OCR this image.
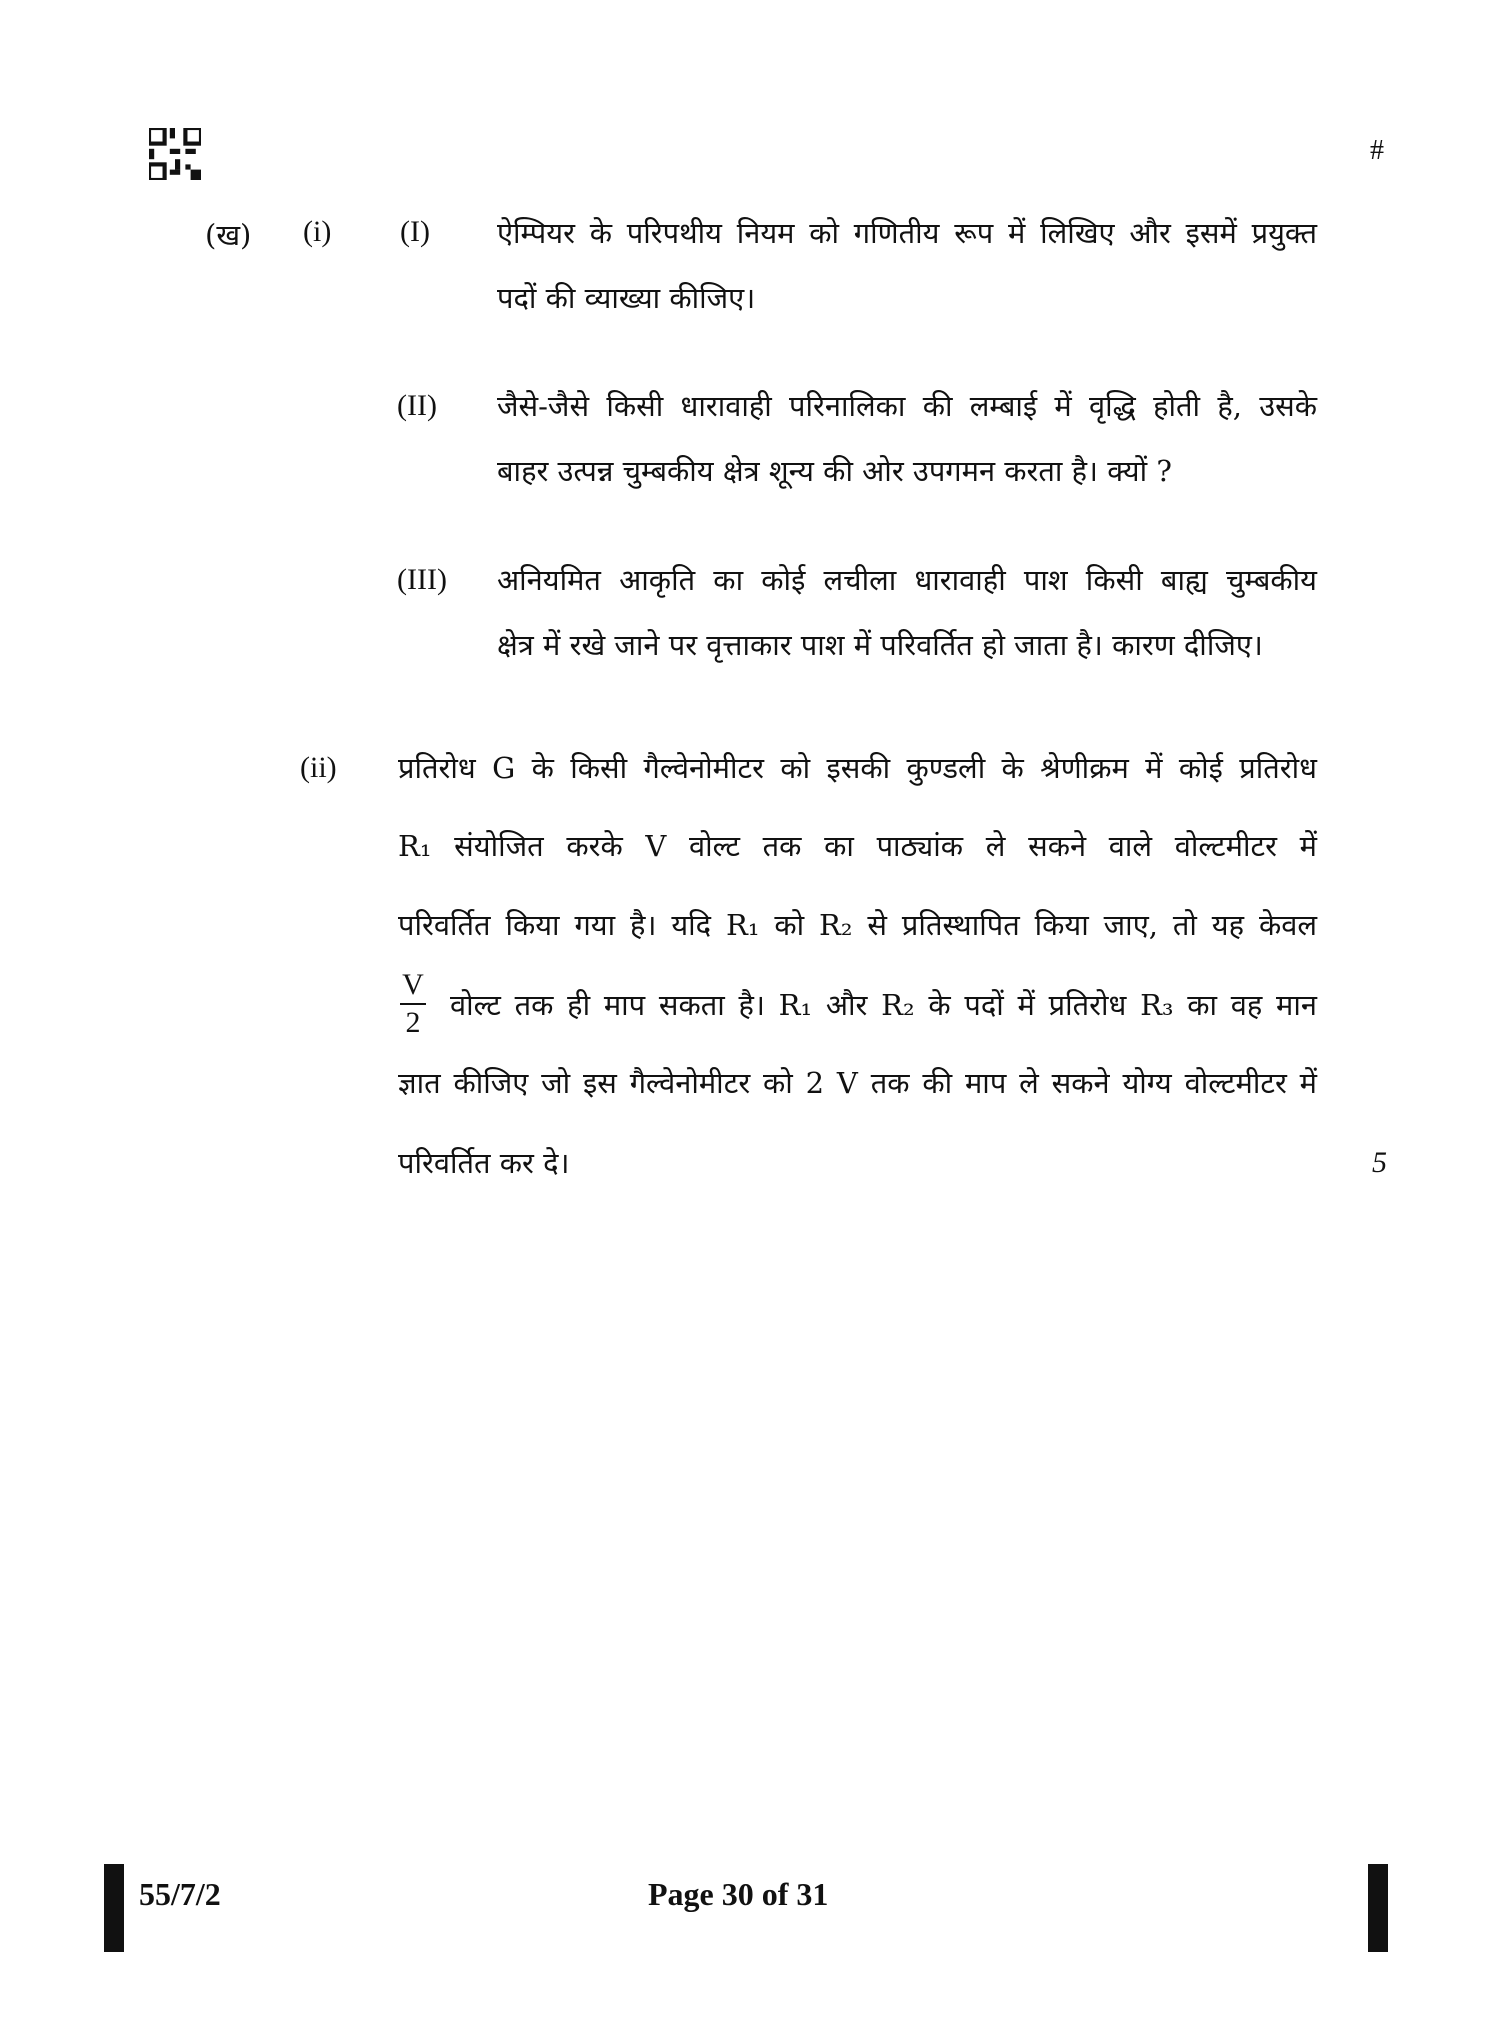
#
(ख) (i) (I) ऐम्पियर के परिपथीय नियम को गणितीय रूप में लिखिए और इसमें प्रयुक्त
पदों की व्याख्या कीजिए।
(II) जैसे-जैसे किसी धारावाही परिनालिका की लम्बाई में वृद्धि होती है, उसके
बाहर उत्पन्न चुम्बकीय क्षेत्र शून्य की ओर उपगमन करता है। क्यों ?
(III) अनियमित आकृति का कोई लचीला धारावाही पाश किसी बाह्य चुम्बकीय
क्षेत्र में रखे जाने पर वृत्ताकार पाश में परिवर्तित हो जाता है। कारण दीजिए।
(ii) प्रतिरोध G के किसी गैल्वेनोमीटर को इसकी कुण्डली के श्रेणीक्रम में कोई प्रतिरोध
R₁ संयोजित करके V वोल्ट तक का पाठ्यांक ले सकने वाले वोल्टमीटर में
परिवर्तित किया गया है। यदि R₁ को R₂ से प्रतिस्थापित किया जाए, तो यह केवल
V
2
वोल्ट तक ही माप सकता है। R₁ और R₂ के पदों में प्रतिरोध R₃ का वह मान
ज्ञात कीजिए जो इस गैल्वेनोमीटर को 2 V तक की माप ले सकने योग्य वोल्टमीटर में
परिवर्तित कर दे।	5
55/7/2	Page 30 of 31
